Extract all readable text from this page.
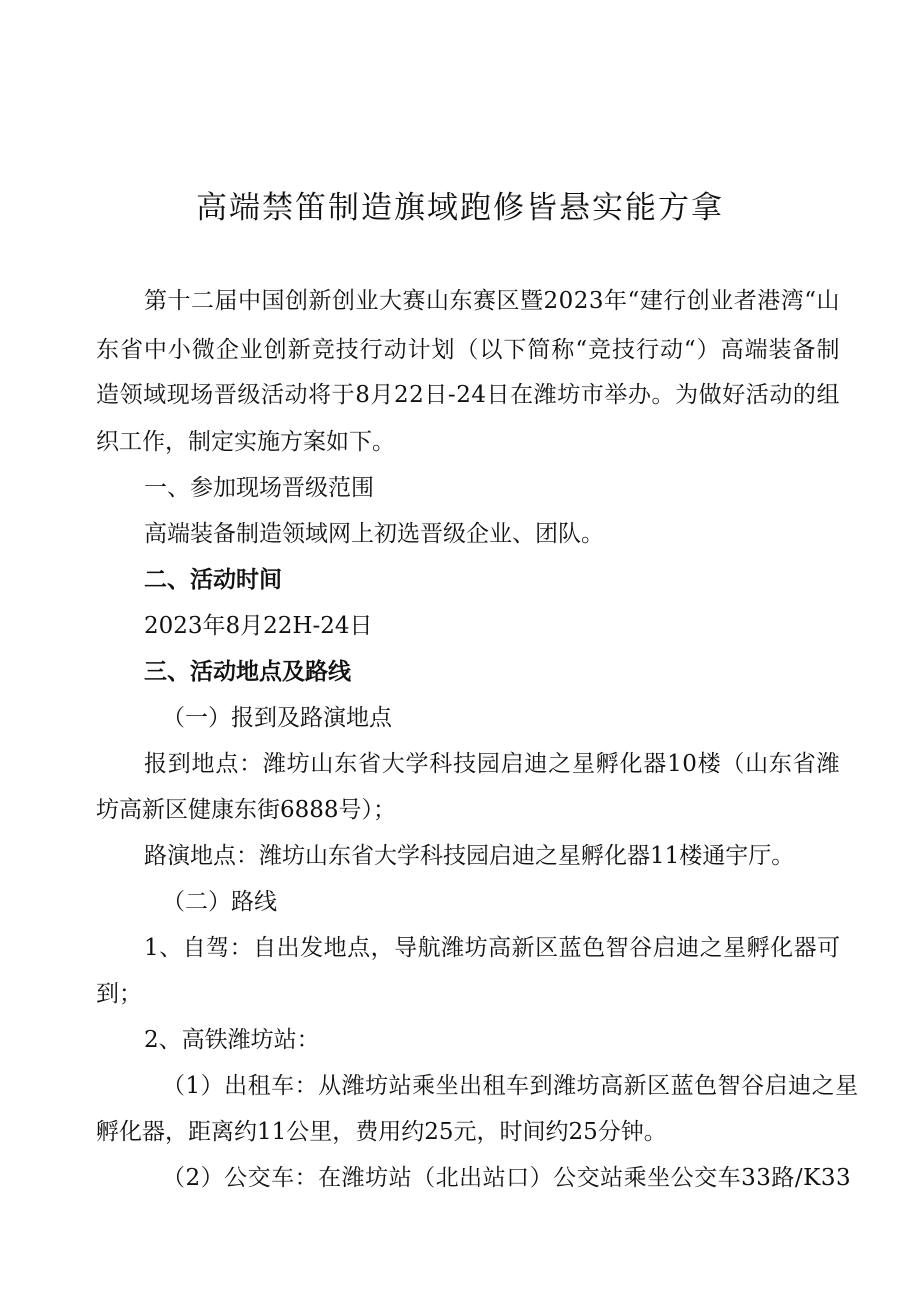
高端禁笛制造旗域跑修皆悬实能方拿
第十二届中国创新创业大赛山东赛区暨2023年“建行创业者港湾“山
东省中小微企业创新竞技行动计划（以下简称“竞技行动“）高端装备制
造领域现场晋级活动将于8月22日-24日在潍坊市举办。为做好活动的组
织工作，制定实施方案如下。
一、参加现场晋级范围
高端装备制造领域网上初选晋级企业、团队。
二、活动时间
2023年8月22H-24日
三、活动地点及路线
（一）报到及路演地点
报到地点：潍坊山东省大学科技园启迪之星孵化器10楼（山东省潍
坊高新区健康东街6888号）；
路演地点：潍坊山东省大学科技园启迪之星孵化器11楼通宇厅。
（二）路线
1、自驾：自出发地点，导航潍坊高新区蓝色智谷启迪之星孵化器可
到；
2、高铁潍坊站：
（1）出租车：从潍坊站乘坐出租车到潍坊高新区蓝色智谷启迪之星
孵化器，距离约11公里，费用约25元，时间约25分钟。
（2）公交车：在潍坊站（北出站口）公交站乘坐公交车33路/K33
